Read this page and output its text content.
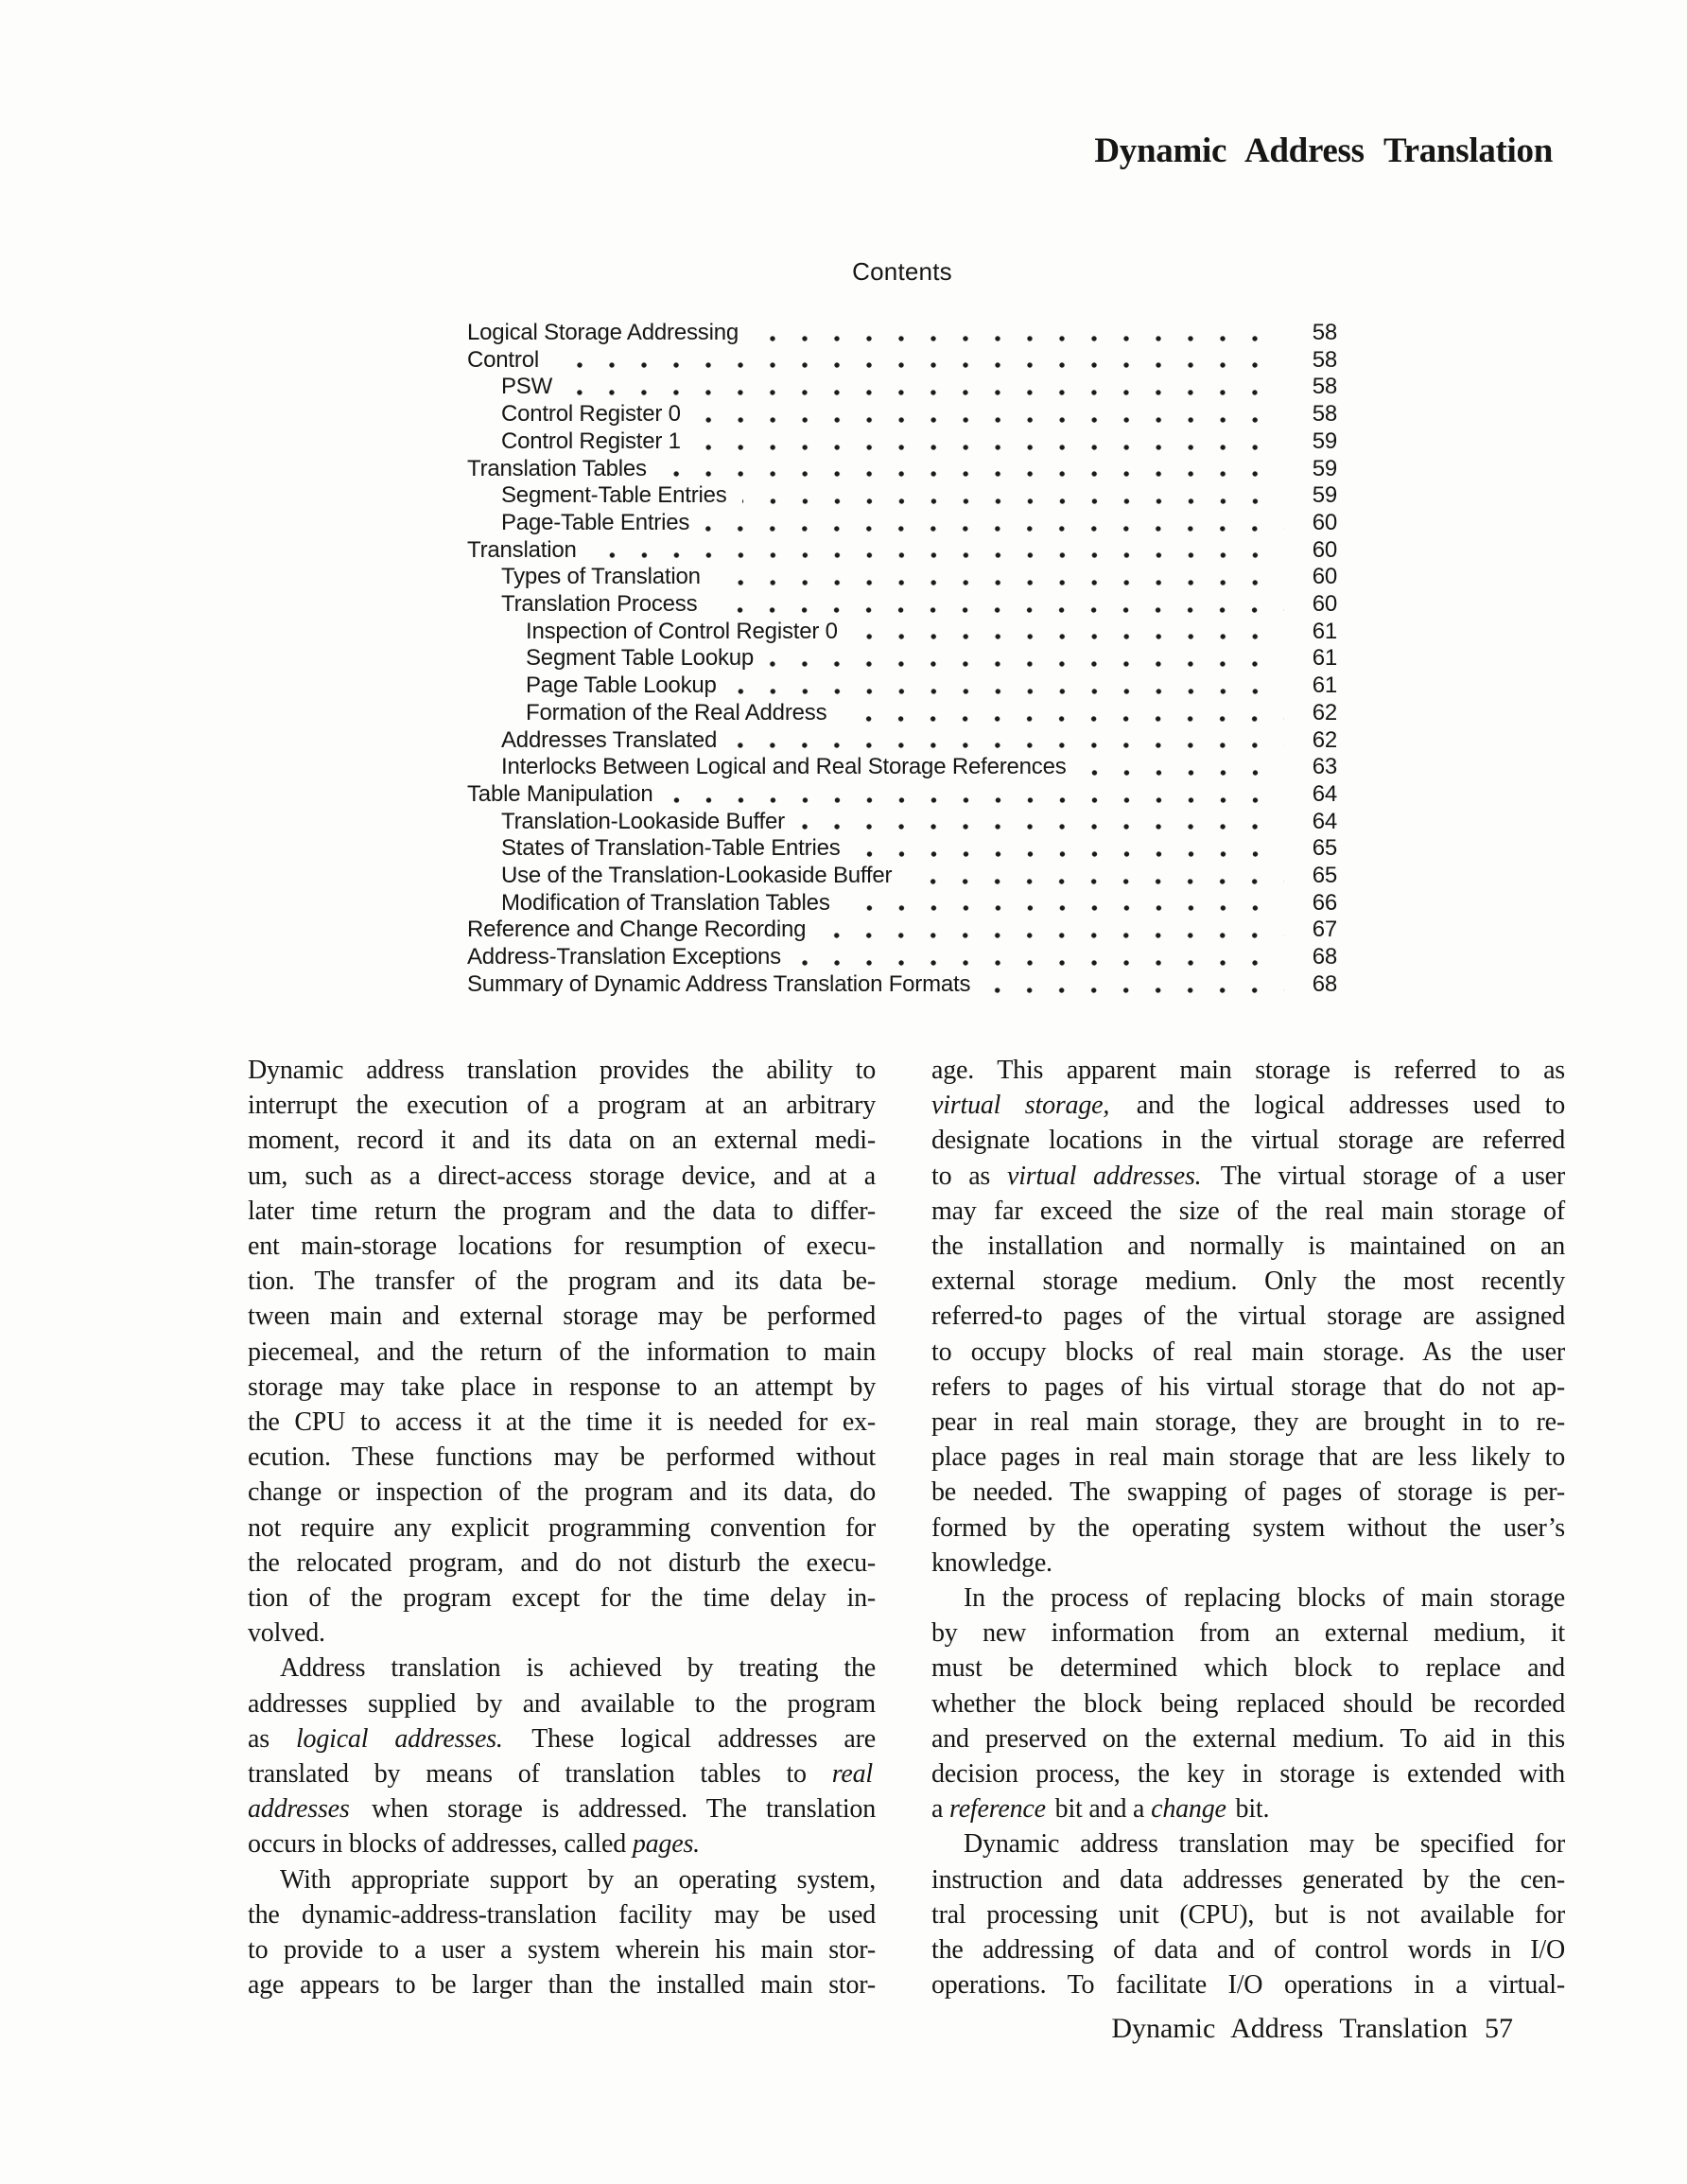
Dynamic Address Translation
Contents
Logical Storage Addressing	58
Control	58
PSW	58
Control Register 0	58
Control Register 1	59
Translation Tables	59
Segment-Table Entries	59
Page-Table Entries	60
Translation	60
Types of Translation	60
Translation Process	60
Inspection of Control Register 0	61
Segment Table Lookup	61
Page Table Lookup	61
Formation of the Real Address	62
Addresses Translated	62
Interlocks Between Logical and Real Storage References	63
Table Manipulation	64
Translation-Lookaside Buffer	64
States of Translation-Table Entries	65
Use of the Translation-Lookaside Buffer	65
Modification of Translation Tables	66
Reference and Change Recording	67
Address-Translation Exceptions	68
Summary of Dynamic Address Translation Formats	68
Dynamic address translation provides the ability to
interrupt the execution of a program at an arbitrary
moment, record it and its data on an external medi-
um, such as a direct-access storage device, and at a
later time return the program and the data to differ-
ent main-storage locations for resumption of execu-
tion. The transfer of the program and its data be-
tween main and external storage may be performed
piecemeal, and the return of the information to main
storage may take place in response to an attempt by
the CPU to access it at the time it is needed for ex-
ecution. These functions may be performed without
change or inspection of the program and its data, do
not require any explicit programming convention for
the relocated program, and do not disturb the execu-
tion of the program except for the time delay in-
volved.
Address translation is achieved by treating the
addresses supplied by and available to the program
as logical addresses. These logical addresses are
translated by means of translation tables to real
addresses when storage is addressed. The translation
occurs in blocks of addresses, called pages.
With appropriate support by an operating system,
the dynamic-address-translation facility may be used
to provide to a user a system wherein his main stor-
age appears to be larger than the installed main stor-
age. This apparent main storage is referred to as
virtual storage, and the logical addresses used to
designate locations in the virtual storage are referred
to as virtual addresses. The virtual storage of a user
may far exceed the size of the real main storage of
the installation and normally is maintained on an
external storage medium. Only the most recently
referred-to pages of the virtual storage are assigned
to occupy blocks of real main storage. As the user
refers to pages of his virtual storage that do not ap-
pear in real main storage, they are brought in to re-
place pages in real main storage that are less likely to
be needed. The swapping of pages of storage is per-
formed by the operating system without the user’s
knowledge.
In the process of replacing blocks of main storage
by new information from an external medium, it
must be determined which block to replace and
whether the block being replaced should be recorded
and preserved on the external medium. To aid in this
decision process, the key in storage is extended with
a reference bit and a change bit.
Dynamic address translation may be specified for
instruction and data addresses generated by the cen-
tral processing unit (CPU), but is not available for
the addressing of data and of control words in I/O
operations. To facilitate I/O operations in a virtual-
Dynamic Address Translation 57
